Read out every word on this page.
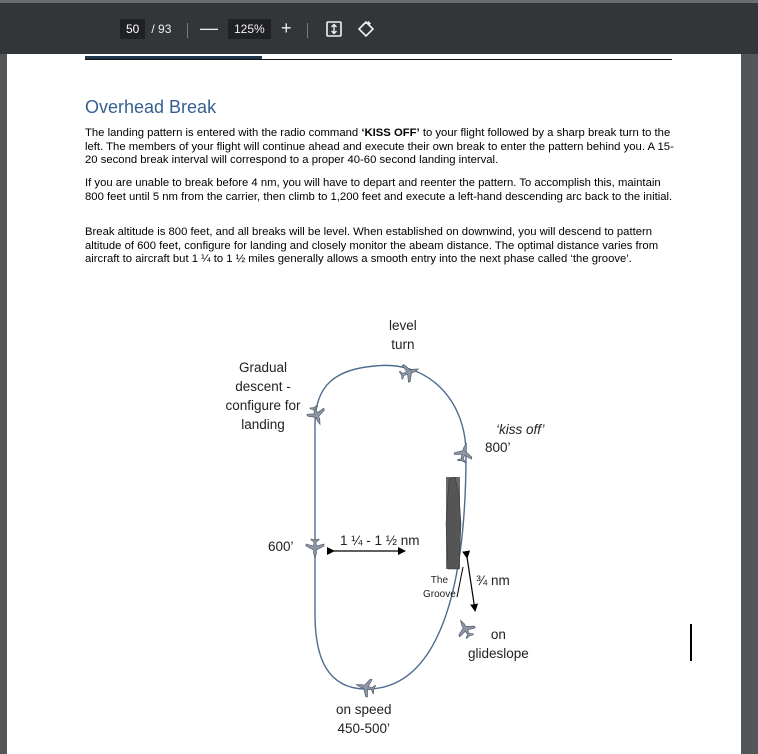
50	/ 93 —	125% +
Overhead Break

The landing pattern is entered with the radio command ‘KISS OFF’ to your flight followed by a sharp break turn to the left. The members of your flight will continue ahead and execute their own break to enter the pattern behind you. A 15-20 second break interval will correspond to a proper 40-60 second landing interval.

If you are unable to break before 4 nm, you will have to depart and reenter the pattern. To accomplish this, maintain 800 feet until 5 nm from the carrier, then climb to 1,200 feet and execute a left-hand descending arc back to the initial.

Break altitude is 800 feet, and all breaks will be level. When established on downwind, you will descend to pattern altitude of 600 feet, configure for landing and closely monitor the abeam distance. The optimal distance varies from aircraft to aircraft but 1 ¼ to 1 ½ miles generally allows a smooth entry into the next phase called ‘the groove’.

level
turn
Gradual
descent -
configure for
landing	‘kiss off’
800’
600’	1 ¼ - 1 ½ nm
The
Groove
¾ nm
on
glideslope
on speed
450-500’
